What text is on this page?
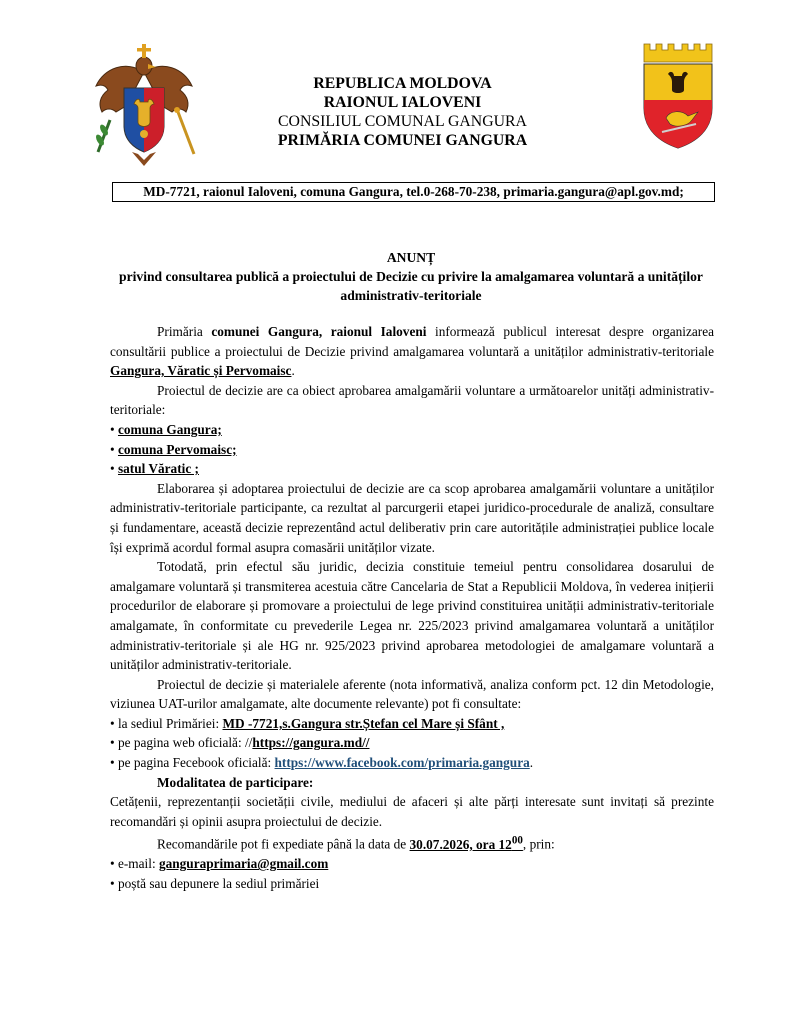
REPUBLICA MOLDOVA
RAIONUL IALOVENI
CONSILIUL COMUNAL GANGURA
PRIMĂRIA COMUNEI GANGURA
MD-7721, raionul Ialoveni, comuna Gangura, tel.0-268-70-238, primaria.gangura@apl.gov.md;
ANUNȚ
privind consultarea publică a proiectului de Decizie cu privire la amalgamarea voluntară a unităților administrativ-teritoriale

Primăria comunei Gangura, raionul Ialoveni informează publicul interesat despre organizarea consultării publice a proiectului de Decizie privind amalgamarea voluntară a unităților administrativ-teritoriale Gangura, Văratic și Pervomaisc.

Proiectul de decizie are ca obiect aprobarea amalgamării voluntare a următoarelor unități administrativ-teritoriale:

• comuna Gangura;

• comuna Pervomaisc;

• satul Văratic ;

Elaborarea și adoptarea proiectului de decizie are ca scop aprobarea amalgamării voluntare a unităților administrativ-teritoriale participante, ca rezultat al parcurgerii etapei juridico-procedurale de analiză, consultare și fundamentare, această decizie reprezentând actul deliberativ prin care autoritățile administrației publice locale își exprimă acordul formal asupra comasării unităților vizate.

Totodată, prin efectul său juridic, decizia constituie temeiul pentru consolidarea dosarului de amalgamare voluntară și transmiterea acestuia către Cancelaria de Stat a Republicii Moldova, în vederea inițierii procedurilor de elaborare și promovare a proiectului de lege privind constituirea unității administrativ-teritoriale amalgamate, în conformitate cu prevederile Legea nr. 225/2023 privind amalgamarea voluntară a unităților administrativ-teritoriale și ale HG nr. 925/2023 privind aprobarea metodologiei de amalgamare voluntară a unităților administrativ-teritoriale.

Proiectul de decizie și materialele aferente (nota informativă, analiza conform pct. 12 din Metodologie, viziunea UAT-urilor amalgamate, alte documente relevante) pot fi consultate:

• la sediul Primăriei: MD -7721,s.Gangura str.Ștefan cel Mare și Sfânt ,

• pe pagina web oficială: //https://gangura.md//

• pe pagina Fecebook oficială: https://www.facebook.com/primaria.gangura.

Modalitatea de participare:

Cetățenii, reprezentanții societății civile, mediului de afaceri și alte părți interesate sunt invitați să prezinte recomandări și opinii asupra proiectului de decizie.

Recomandările pot fi expediate până la data de 30.07.2026, ora $12^{00}$, prin:

• e-mail: ganguraprimaria@gmail.com

• poștă sau depunere la sediul primăriei
